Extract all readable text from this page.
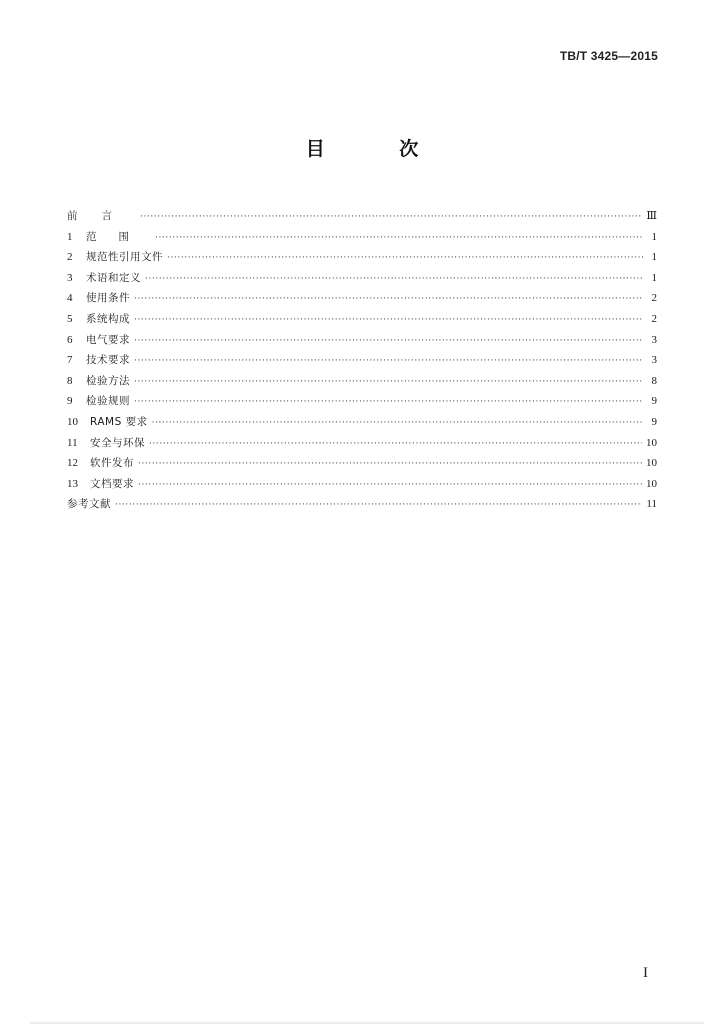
TB/T 3425—2015
目 次
前言 ·····	Ⅲ
1	范围 ·····	1
2	规范性引用文件 ·····	1
3	术语和定义 ·····	1
4	使用条件 ·····	2
5	系统构成 ·····	2
6	电气要求 ·····	3
7	技术要求 ·····	3
8	检验方法 ·····	8
9	检验规则 ·····	9
10	RAMS 要求 ·····	9
11	安全与环保 ·····	10
12	软件发布 ·····	10
13	文档要求 ·····	10
参考文献 ·····	11
I
